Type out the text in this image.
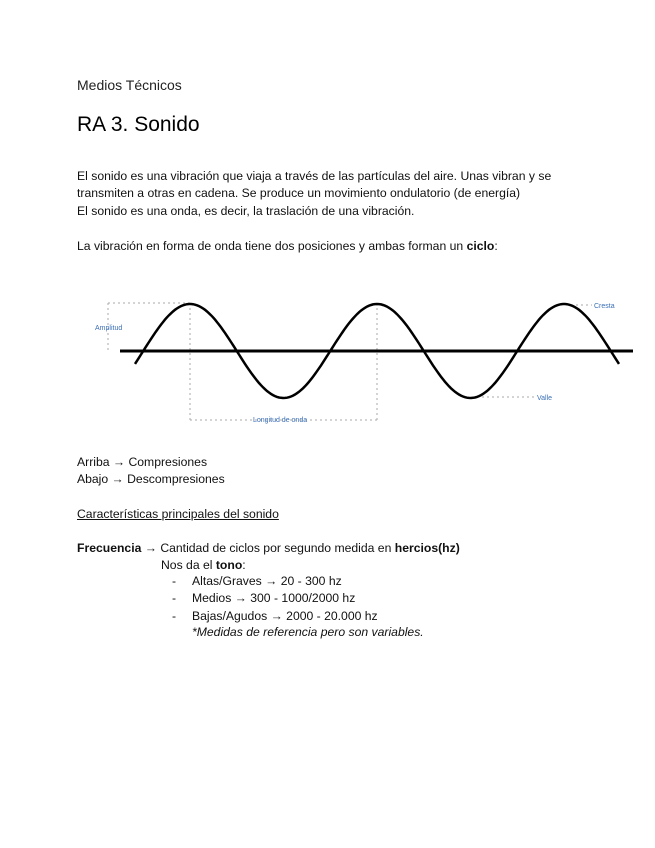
Medios Técnicos
RA 3. Sonido
El sonido es una vibración que viaja a través de las partículas del aire. Unas vibran y se
transmiten a otras en cadena. Se produce un movimiento ondulatorio (de energía)
El sonido es una onda, es decir, la traslación de una vibración.
La vibración en forma de onda tiene dos posiciones y ambas forman un ciclo:
Amplitud
Cresta
Valle
Longitud de onda
Arriba → Compresiones
Abajo → Descompresiones
Características principales del sonido
Frecuencia → Cantidad de ciclos por segundo medida en hercios(hz)
Nos da el tono:
- Altas/Graves → 20 - 300 hz
- Medios → 300 - 1000/2000 hz
- Bajas/Agudos → 2000 - 20.000 hz
*Medidas de referencia pero son variables.
